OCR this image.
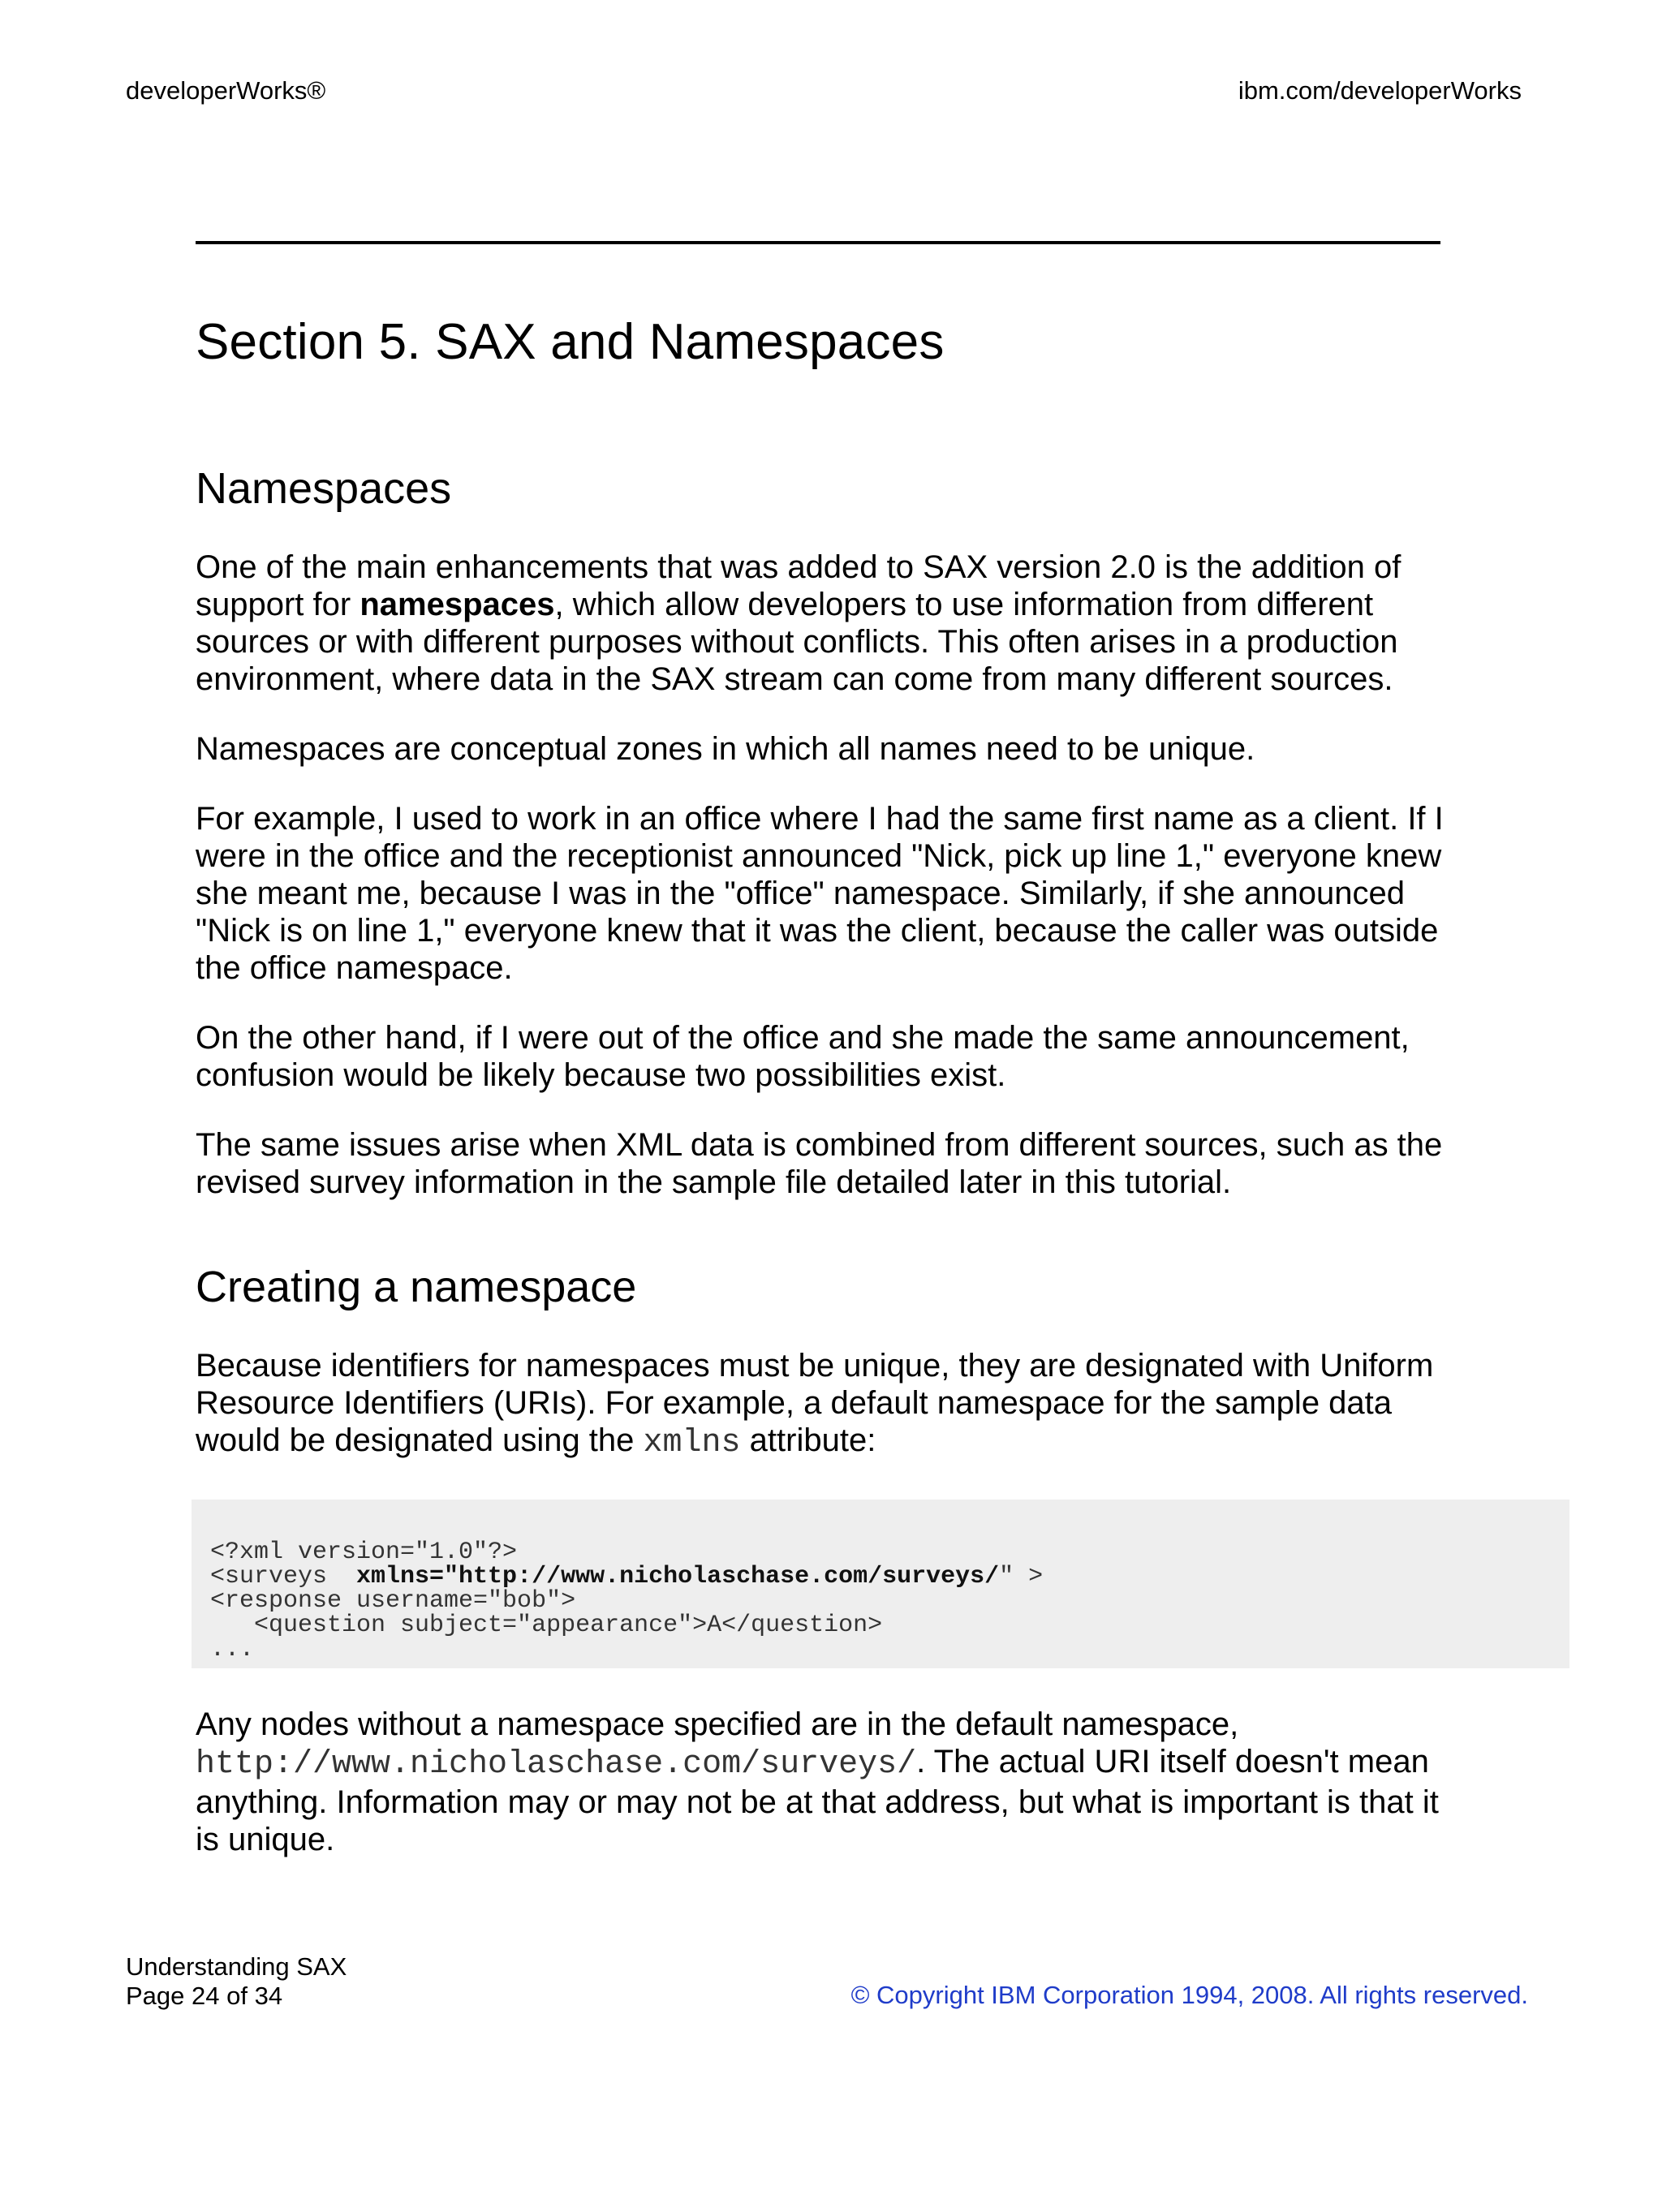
developerWorks®	ibm.com/developerWorks
Section 5. SAX and Namespaces
Namespaces

One of the main enhancements that was added to SAX version 2.0 is the addition of support for namespaces, which allow developers to use information from different sources or with different purposes without conflicts. This often arises in a production environment, where data in the SAX stream can come from many different sources.

Namespaces are conceptual zones in which all names need to be unique.

For example, I used to work in an office where I had the same first name as a client. If I were in the office and the receptionist announced "Nick, pick up line 1," everyone knew she meant me, because I was in the "office" namespace. Similarly, if she announced "Nick is on line 1," everyone knew that it was the client, because the caller was outside the office namespace.

On the other hand, if I were out of the office and she made the same announcement, confusion would be likely because two possibilities exist.

The same issues arise when XML data is combined from different sources, such as the revised survey information in the sample file detailed later in this tutorial.

Creating a namespace

Because identifiers for namespaces must be unique, they are designated with Uniform Resource Identifiers (URIs). For example, a default namespace for the sample data would be designated using the xmlns attribute:

<?xml version="1.0"?>
<surveys  xmlns="http://www.nicholaschase.com/surveys/" >
<response username="bob">
<question subject="appearance">A</question>
...

Any nodes without a namespace specified are in the default namespace, http://www.nicholaschase.com/surveys/. The actual URI itself doesn't mean anything. Information may or may not be at that address, but what is important is that it is unique.

Understanding SAX
Page 24 of 34	© Copyright IBM Corporation 1994, 2008. All rights reserved.
